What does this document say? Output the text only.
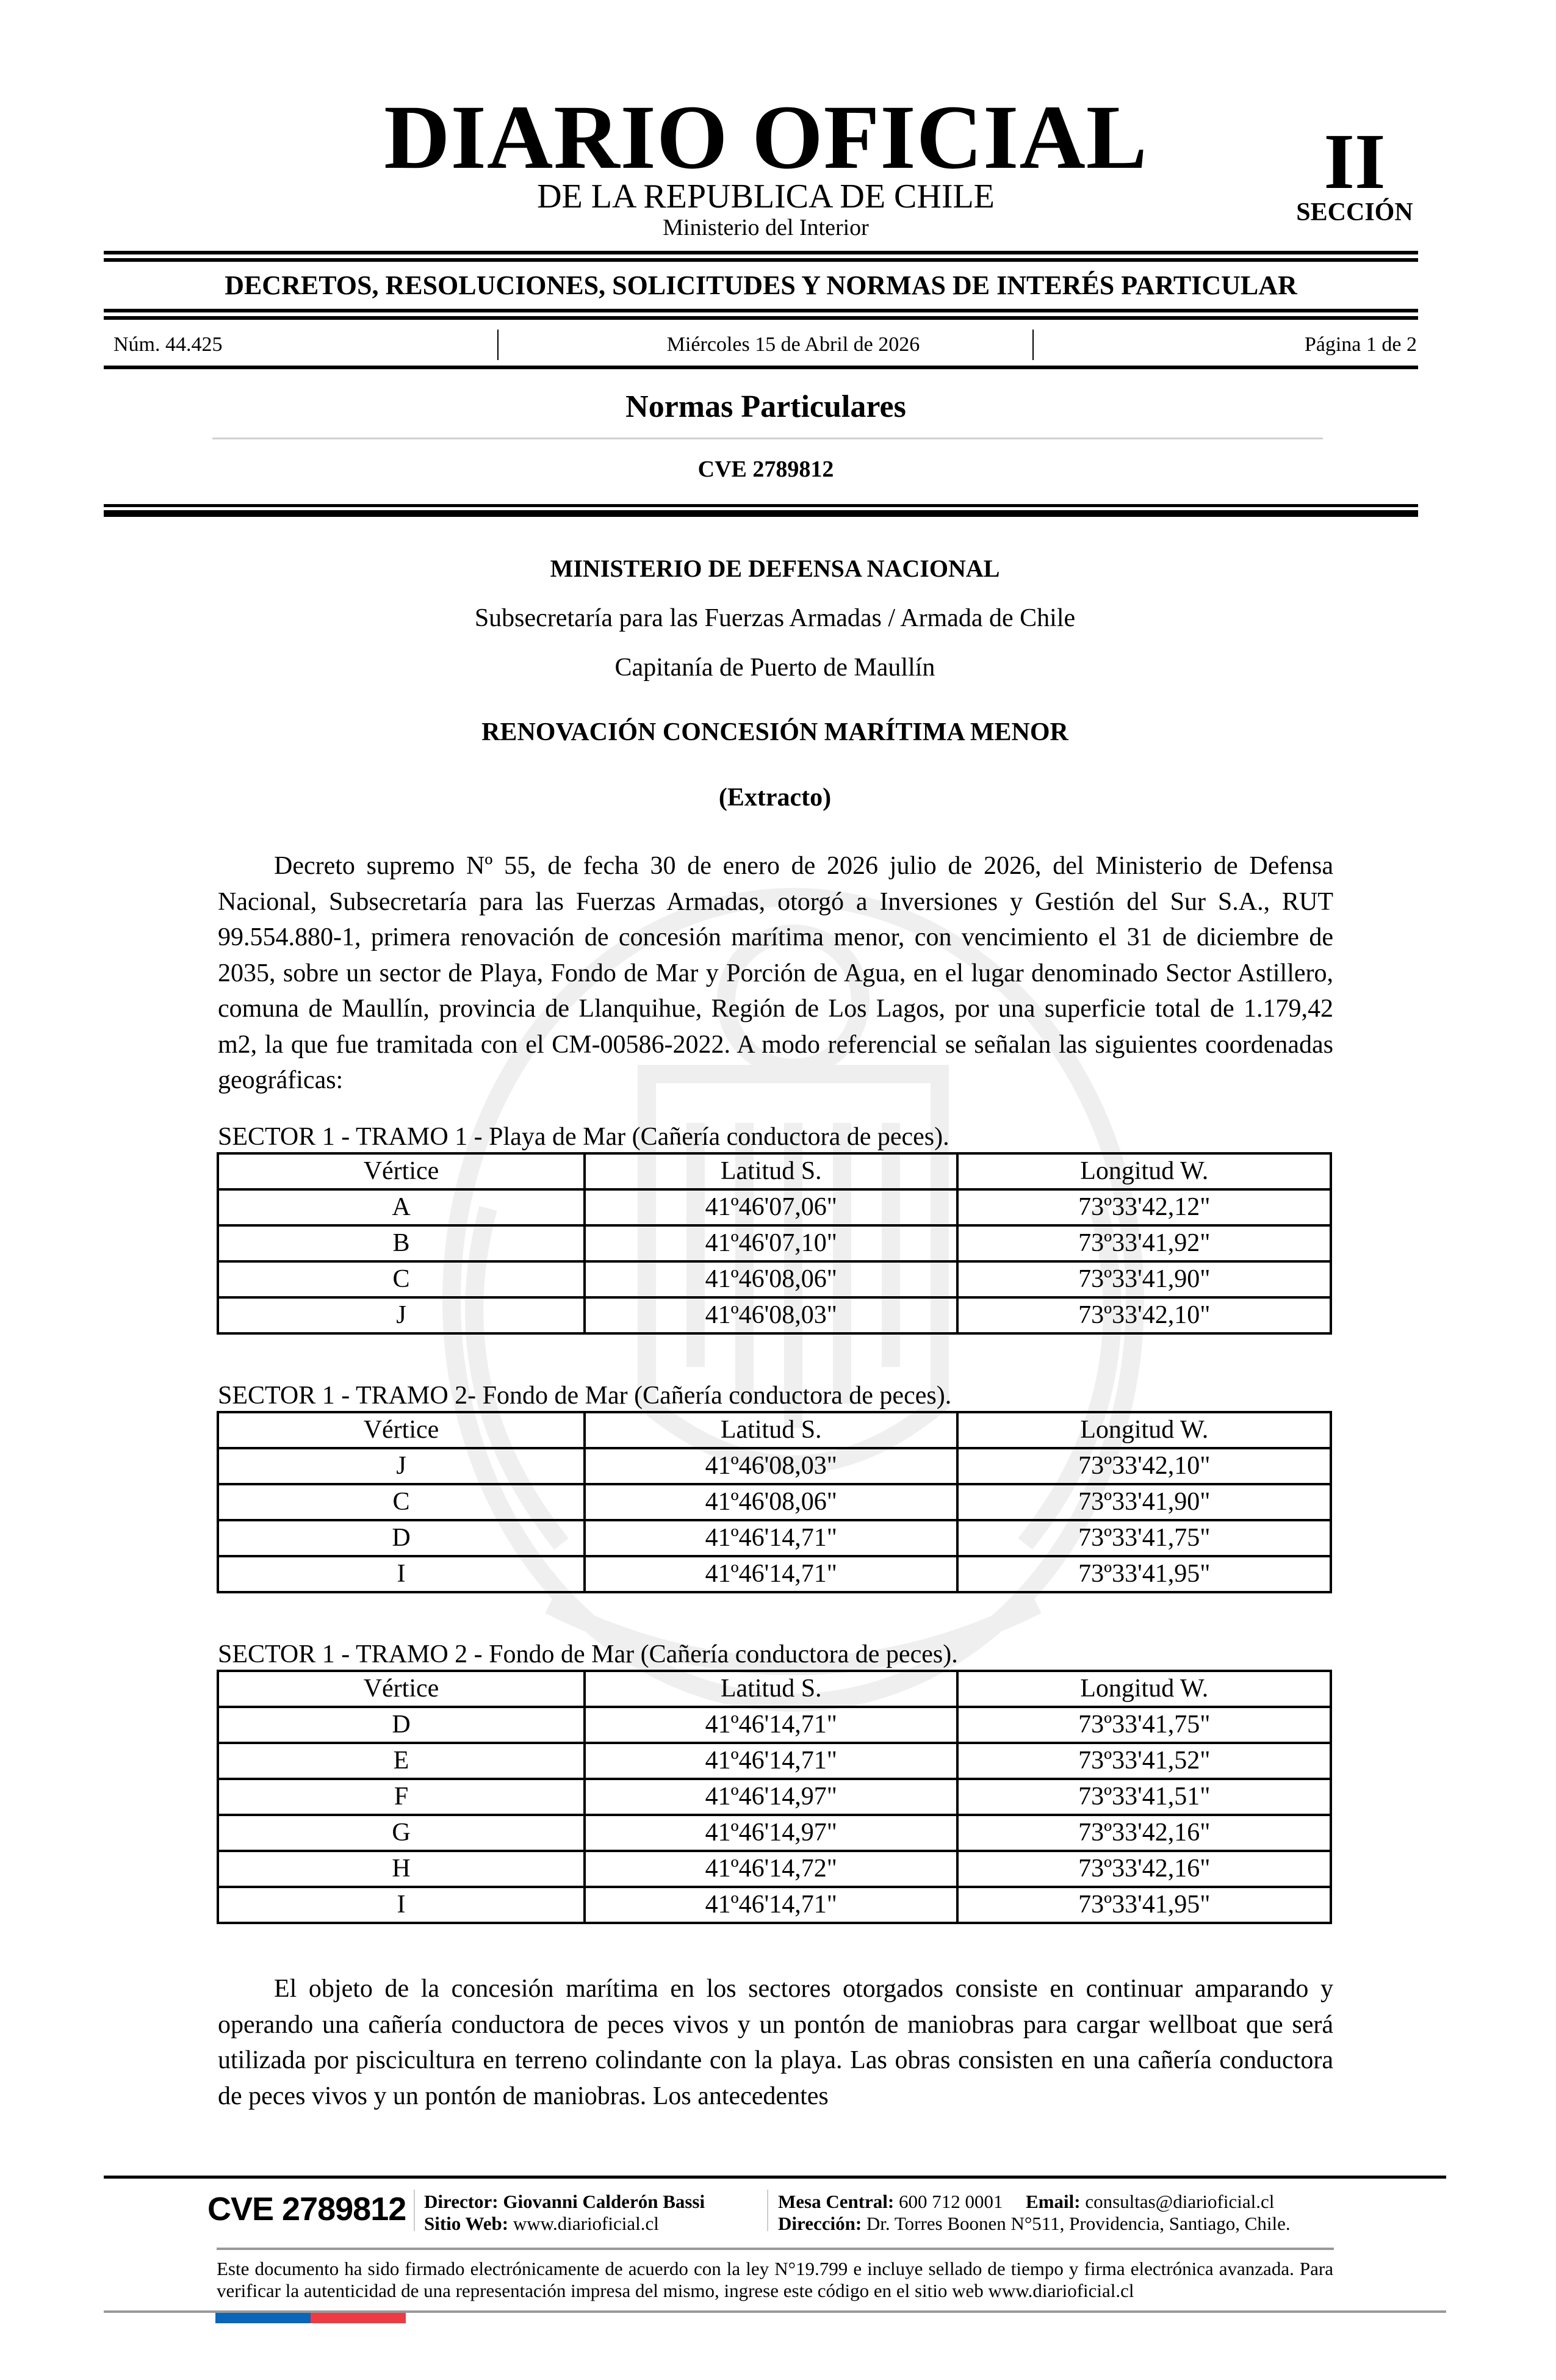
DIARIO OFICIAL
DE LA REPUBLICA DE CHILE
Ministerio del Interior
II
SECCIÓN
DECRETOS, RESOLUCIONES, SOLICITUDES Y NORMAS DE INTERÉS PARTICULAR
Núm. 44.425	Miércoles 15 de Abril de 2026	Página 1 de 2
Normas Particulares
CVE 2789812
MINISTERIO DE DEFENSA NACIONAL
Subsecretaría para las Fuerzas Armadas / Armada de Chile
Capitanía de Puerto de Maullín
RENOVACIÓN CONCESIÓN MARÍTIMA MENOR
(Extracto)

Decreto supremo Nº 55, de fecha 30 de enero de 2026 julio de 2026, del Ministerio de Defensa Nacional, Subsecretaría para las Fuerzas Armadas, otorgó a Inversiones y Gestión del Sur S.A., RUT 99.554.880-1, primera renovación de concesión marítima menor, con vencimiento el 31 de diciembre de 2035, sobre un sector de Playa, Fondo de Mar y Porción de Agua, en el lugar denominado Sector Astillero, comuna de Maullín, provincia de Llanquihue, Región de Los Lagos, por una superficie total de 1.179,42 m2, la que fue tramitada con el CM-00586-2022. A modo referencial se señalan las siguientes coordenadas geográficas:

SECTOR 1 - TRAMO 1 - Playa de Mar (Cañería conductora de peces).
Vértice	Latitud S.	Longitud W.
A	41º46'07,06"	73º33'42,12"
B	41º46'07,10"	73º33'41,92"
C	41º46'08,06"	73º33'41,90"
J	41º46'08,03"	73º33'42,10"
SECTOR 1 - TRAMO 2- Fondo de Mar (Cañería conductora de peces).
Vértice	Latitud S.	Longitud W.
J	41º46'08,03"	73º33'42,10"
C	41º46'08,06"	73º33'41,90"
D	41º46'14,71"	73º33'41,75"
I	41º46'14,71"	73º33'41,95"
SECTOR 1 - TRAMO 2 - Fondo de Mar (Cañería conductora de peces).
Vértice	Latitud S.	Longitud W.
D	41º46'14,71"	73º33'41,75"
E	41º46'14,71"	73º33'41,52"
F	41º46'14,97"	73º33'41,51"
G	41º46'14,97"	73º33'42,16"
H	41º46'14,72"	73º33'42,16"
I	41º46'14,71"	73º33'41,95"

El objeto de la concesión marítima en los sectores otorgados consiste en continuar amparando y operando una cañería conductora de peces vivos y un pontón de maniobras para cargar wellboat que será utilizada por piscicultura en terreno colindante con la playa. Las obras consisten en una cañería conductora de peces vivos y un pontón de maniobras. Los antecedentes

CVE 2789812 Director: Giovanni Calderón Bassi
Sitio Web: www.diarioficial.cl
Mesa Central: 600 712 0001 Email: consultas@diarioficial.cl
Dirección: Dr. Torres Boonen N°511, Providencia, Santiago, Chile.
Este documento ha sido firmado electrónicamente de acuerdo con la ley N°19.799 e incluye sellado de tiempo y firma electrónica avanzada. Para verificar la autenticidad de una representación impresa del mismo, ingrese este código en el sitio web www.diarioficial.cl
